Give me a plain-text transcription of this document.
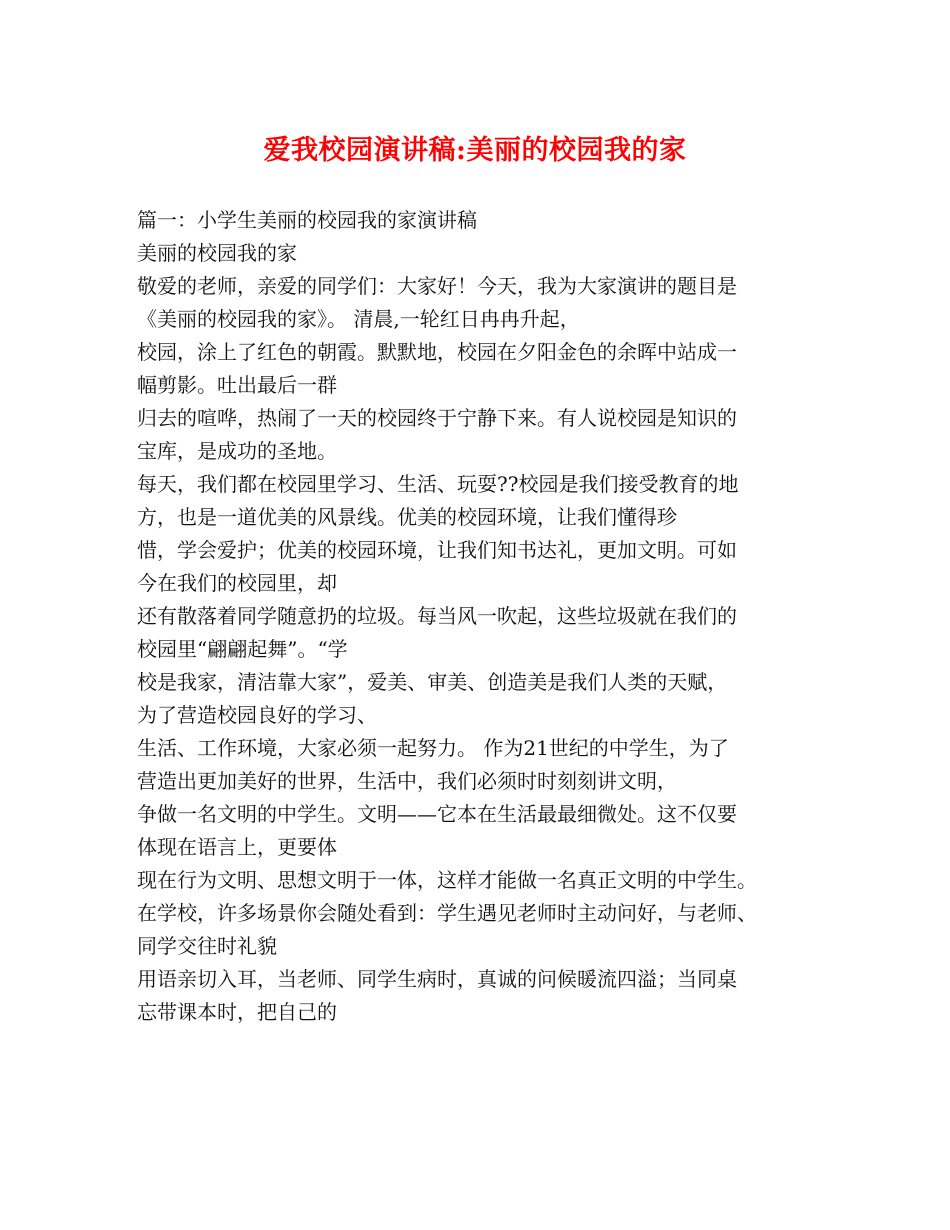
爱我校园演讲稿:美丽的校园我的家
篇一：小学生美丽的校园我的家演讲稿
美丽的校园我的家
敬爱的老师，亲爱的同学们：大家好！今天，我为大家演讲的题目是
《美丽的校园我的家》。 清晨,一轮红日冉冉升起，
校园，涂上了红色的朝霞。默默地，校园在夕阳金色的余晖中站成一
幅剪影。吐出最后一群
归去的喧哗，热闹了一天的校园终于宁静下来。有人说校园是知识的
宝库，是成功的圣地。
每天，我们都在校园里学习、生活、玩耍??校园是我们接受教育的地
方，也是一道优美的风景线。优美的校园环境，让我们懂得珍
惜，学会爱护；优美的校园环境，让我们知书达礼，更加文明。可如
今在我们的校园里，却
还有散落着同学随意扔的垃圾。每当风一吹起，这些垃圾就在我们的
校园里“翩翩起舞”。“学
校是我家，清洁靠大家”，爱美、审美、创造美是我们人类的天赋，
为了营造校园良好的学习、
生活、工作环境，大家必须一起努力。 作为21世纪的中学生，为了
营造出更加美好的世界，生活中，我们必须时时刻刻讲文明，
争做一名文明的中学生。文明——它本在生活最最细微处。这不仅要
体现在语言上，更要体
现在行为文明、思想文明于一体，这样才能做一名真正文明的中学生。
在学校，许多场景你会随处看到：学生遇见老师时主动问好，与老师、
同学交往时礼貌
用语亲切入耳，当老师、同学生病时，真诚的问候暖流四溢；当同桌
忘带课本时，把自己的
